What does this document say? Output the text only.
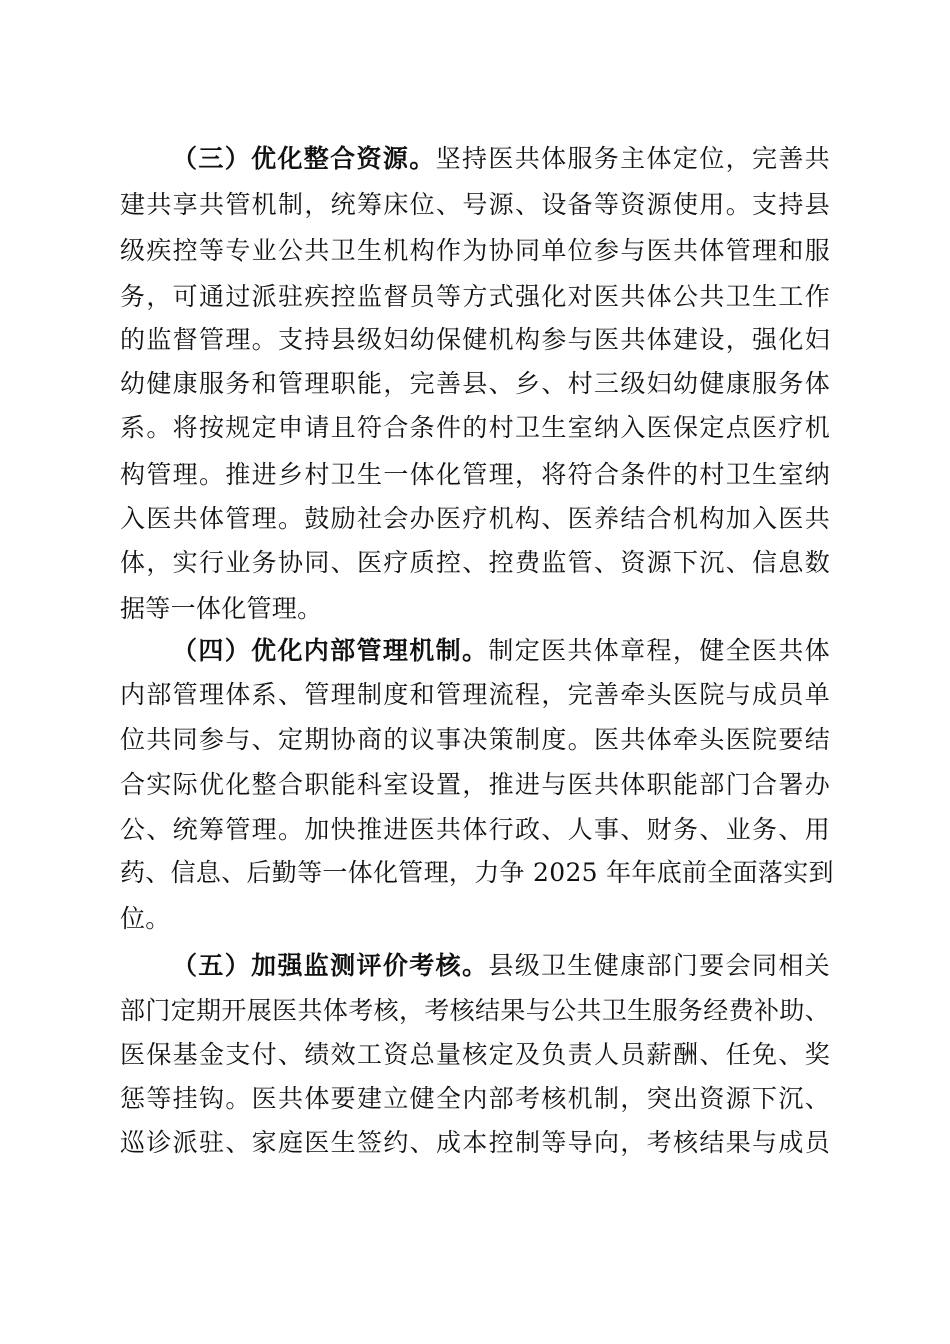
（三）优化整合资源。坚持医共体服务主体定位，完善共
建共享共管机制，统筹床位、号源、设备等资源使用。支持县
级疾控等专业公共卫生机构作为协同单位参与医共体管理和服
务，可通过派驻疾控监督员等方式强化对医共体公共卫生工作
的监督管理。支持县级妇幼保健机构参与医共体建设，强化妇
幼健康服务和管理职能，完善县、乡、村三级妇幼健康服务体
系。将按规定申请且符合条件的村卫生室纳入医保定点医疗机
构管理。推进乡村卫生一体化管理，将符合条件的村卫生室纳
入医共体管理。鼓励社会办医疗机构、医养结合机构加入医共
体，实行业务协同、医疗质控、控费监管、资源下沉、信息数
据等一体化管理。
（四）优化内部管理机制。制定医共体章程，健全医共体
内部管理体系、管理制度和管理流程，完善牵头医院与成员单
位共同参与、定期协商的议事决策制度。医共体牵头医院要结
合实际优化整合职能科室设置，推进与医共体职能部门合署办
公、统筹管理。加快推进医共体行政、人事、财务、业务、用
药、信息、后勤等一体化管理，力争 2025 年年底前全面落实到
位。
（五）加强监测评价考核。县级卫生健康部门要会同相关
部门定期开展医共体考核，考核结果与公共卫生服务经费补助、
医保基金支付、绩效工资总量核定及负责人员薪酬、任免、奖
惩等挂钩。医共体要建立健全内部考核机制，突出资源下沉、
巡诊派驻、家庭医生签约、成本控制等导向，考核结果与成员
